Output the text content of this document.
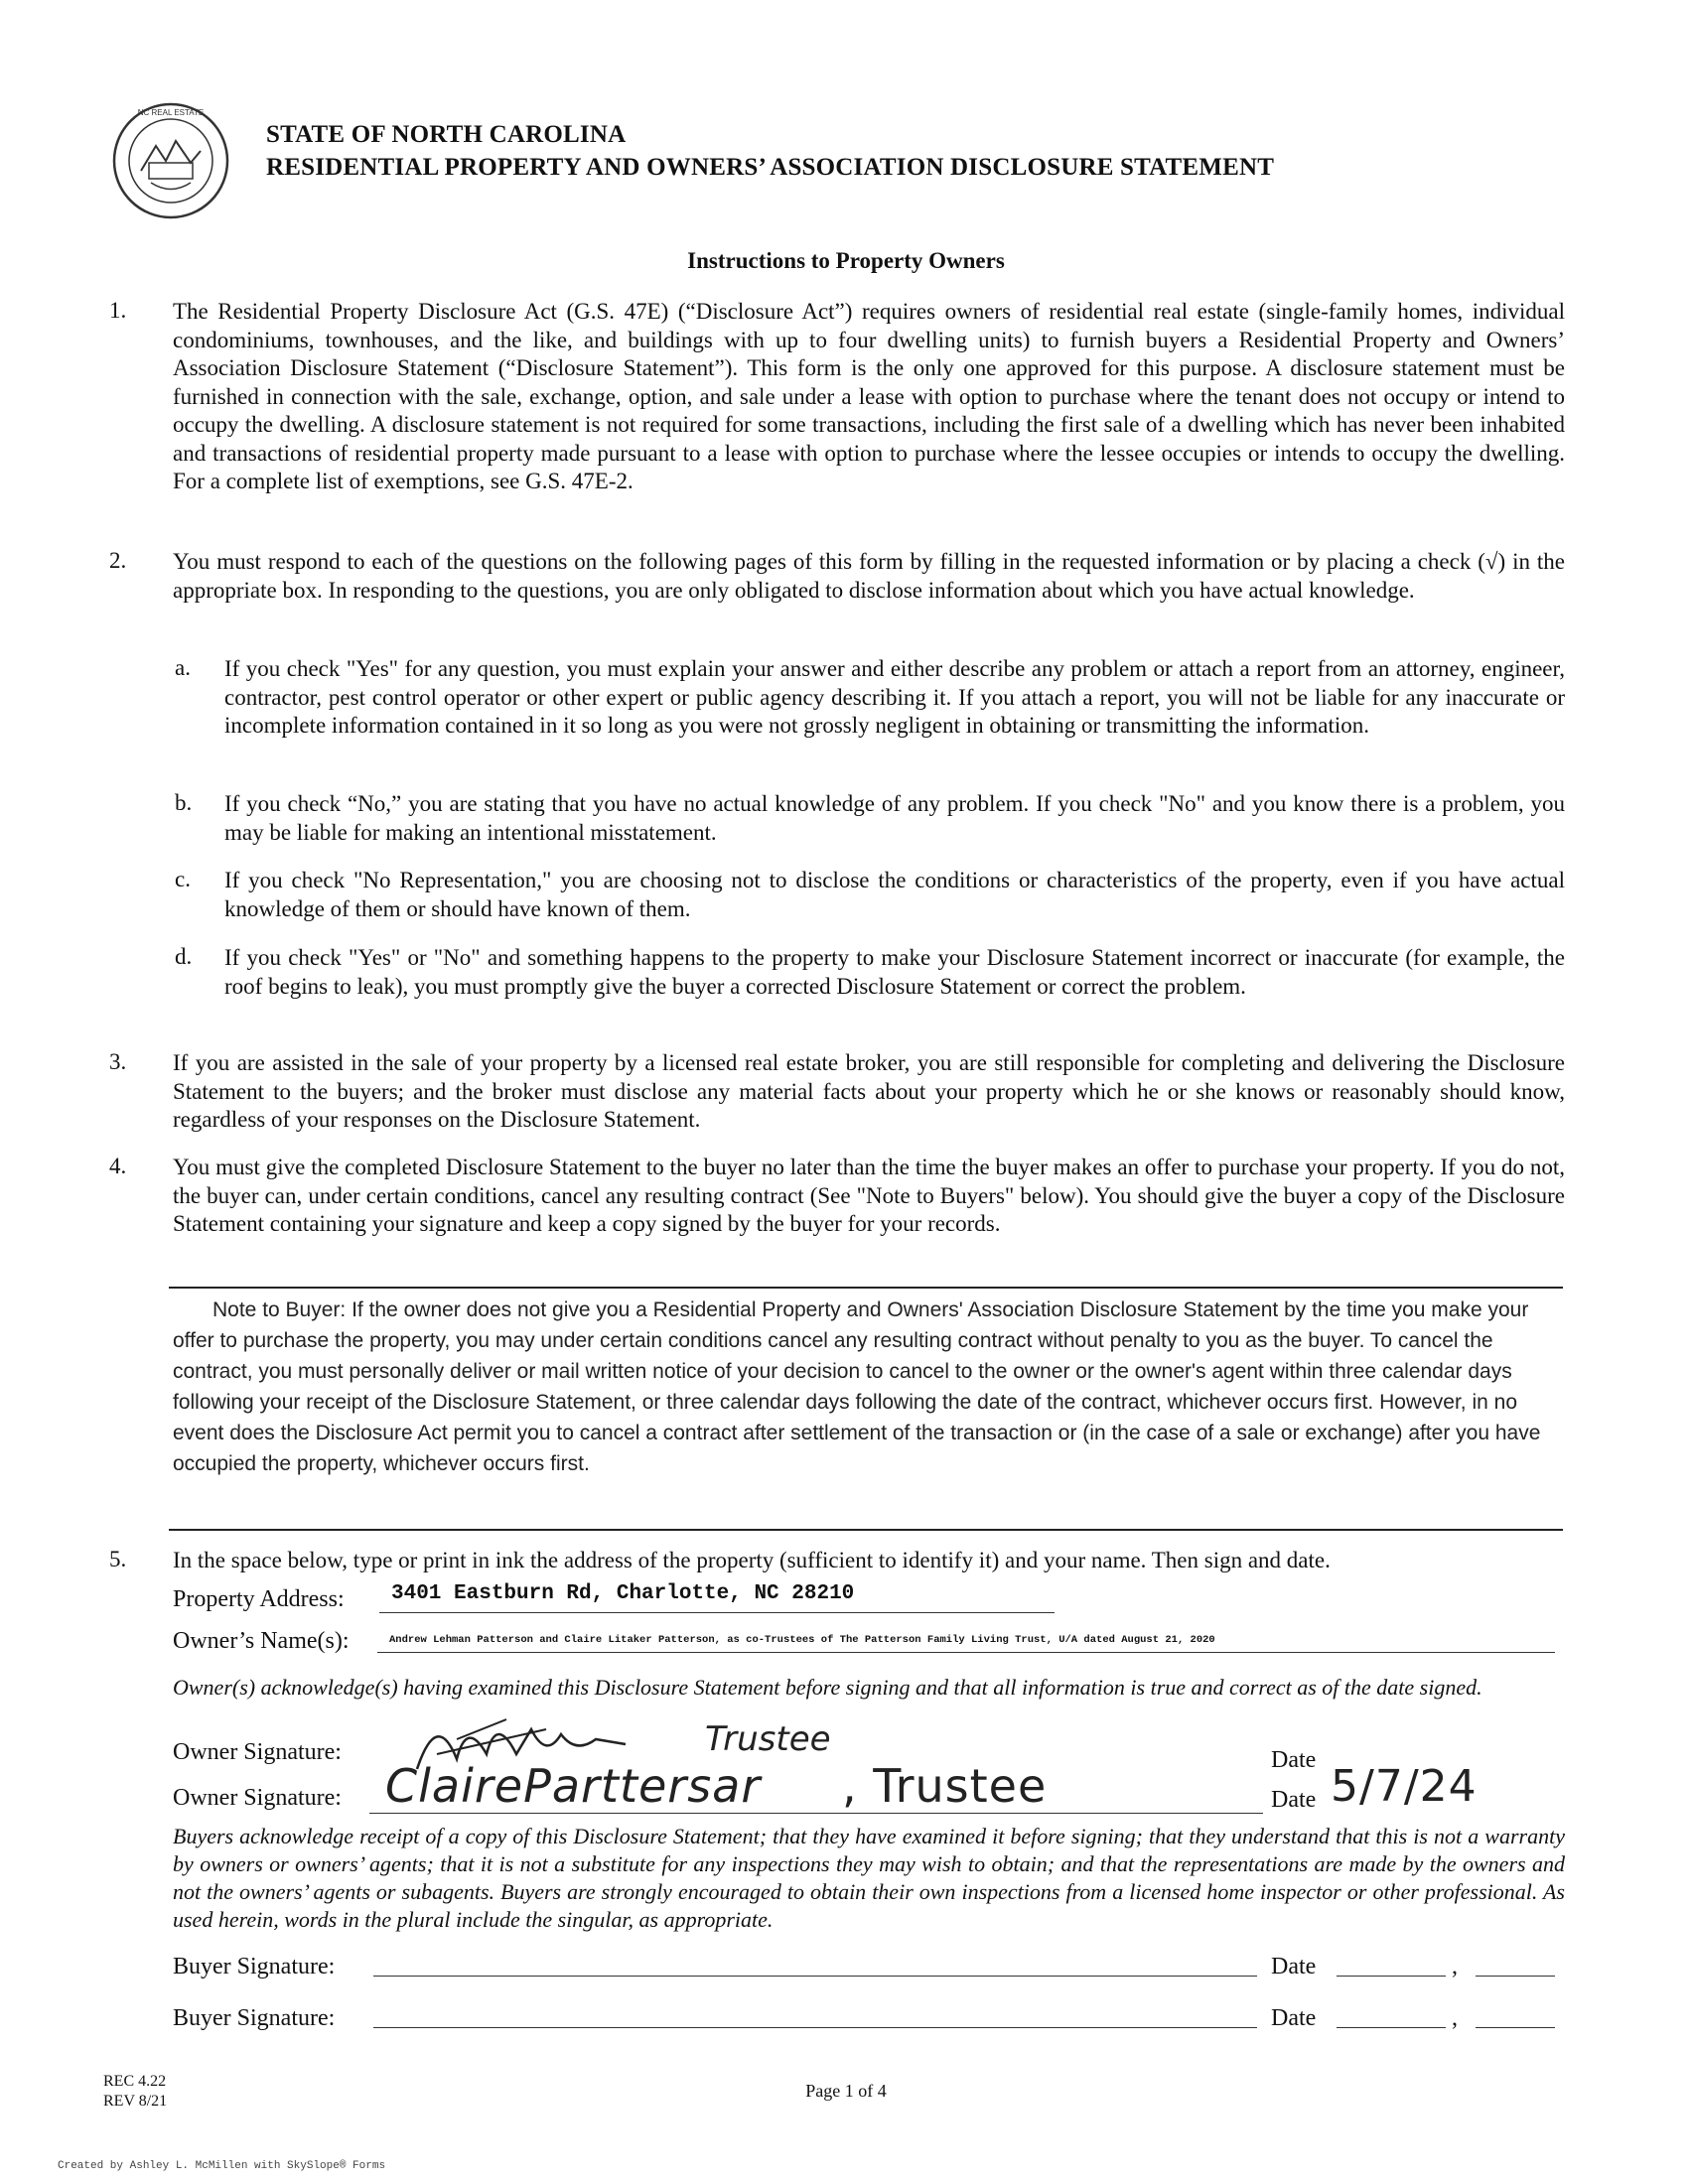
NC REAL ESTATE
STATE OF NORTH CAROLINA
RESIDENTIAL PROPERTY AND OWNERS’ ASSOCIATION DISCLOSURE STATEMENT
Instructions to Property Owners
1. The Residential Property Disclosure Act (G.S. 47E) (“Disclosure Act”) requires owners of residential real estate (single-family homes, individual condominiums, townhouses, and the like, and buildings with up to four dwelling units) to furnish buyers a Residential Property and Owners’ Association Disclosure Statement (“Disclosure Statement”). This form is the only one approved for this purpose. A disclosure statement must be furnished in connection with the sale, exchange, option, and sale under a lease with option to purchase where the tenant does not occupy or intend to occupy the dwelling. A disclosure statement is not required for some transactions, including the first sale of a dwelling which has never been inhabited and transactions of residential property made pursuant to a lease with option to purchase where the lessee occupies or intends to occupy the dwelling. For a complete list of exemptions, see G.S. 47E-2.
2. You must respond to each of the questions on the following pages of this form by filling in the requested information or by placing a check (√) in the appropriate box. In responding to the questions, you are only obligated to disclose information about which you have actual knowledge.
a. If you check "Yes" for any question, you must explain your answer and either describe any problem or attach a report from an attorney, engineer, contractor, pest control operator or other expert or public agency describing it. If you attach a report, you will not be liable for any inaccurate or incomplete information contained in it so long as you were not grossly negligent in obtaining or transmitting the information.
b. If you check “No,” you are stating that you have no actual knowledge of any problem. If you check "No" and you know there is a problem, you may be liable for making an intentional misstatement.
c. If you check "No Representation," you are choosing not to disclose the conditions or characteristics of the property, even if you have actual knowledge of them or should have known of them.
d. If you check "Yes" or "No" and something happens to the property to make your Disclosure Statement incorrect or inaccurate (for example, the roof begins to leak), you must promptly give the buyer a corrected Disclosure Statement or correct the problem.
3. If you are assisted in the sale of your property by a licensed real estate broker, you are still responsible for completing and delivering the Disclosure Statement to the buyers; and the broker must disclose any material facts about your property which he or she knows or reasonably should know, regardless of your responses on the Disclosure Statement.
4. You must give the completed Disclosure Statement to the buyer no later than the time the buyer makes an offer to purchase your property. If you do not, the buyer can, under certain conditions, cancel any resulting contract (See "Note to Buyers" below). You should give the buyer a copy of the Disclosure Statement containing your signature and keep a copy signed by the buyer for your records.
Note to Buyer: If the owner does not give you a Residential Property and Owners' Association Disclosure Statement by the time you make your offer to purchase the property, you may under certain conditions cancel any resulting contract without penalty to you as the buyer. To cancel the contract, you must personally deliver or mail written notice of your decision to cancel to the owner or the owner's agent within three calendar days following your receipt of the Disclosure Statement, or three calendar days following the date of the contract, whichever occurs first. However, in no event does the Disclosure Act permit you to cancel a contract after settlement of the transaction or (in the case of a sale or exchange) after you have occupied the property, whichever occurs first.
5. In the space below, type or print in ink the address of the property (sufficient to identify it) and your name. Then sign and date.
Property Address: 3401 Eastburn Rd, Charlotte, NC 28210
Owner’s Name(s):	Andrew Lehman Patterson and Claire Litaker Patterson, as co-Trustees of The Patterson Family Living Trust, U/A dated August 21, 2020
Owner(s) acknowledge(s) having examined this Disclosure Statement before signing and that all information is true and correct as of the date signed.
Owner Signature:	Trustee
Date
Owner Signature: ClaireParttersar , Trustee	Date 5/7/24
Buyers acknowledge receipt of a copy of this Disclosure Statement; that they have examined it before signing; that they understand that this is not a warranty by owners or owners’ agents; that it is not a substitute for any inspections they may wish to obtain; and that the representations are made by the owners and not the owners’ agents or subagents. Buyers are strongly encouraged to obtain their own inspections from a licensed home inspector or other professional. As used herein, words in the plural include the singular, as appropriate.
Buyer Signature:	Date	,
Buyer Signature:	Date	,
REC 4.22
REV 8/21
Page 1 of 4
Created by Ashley L. McMillen with SkySlope® Forms
